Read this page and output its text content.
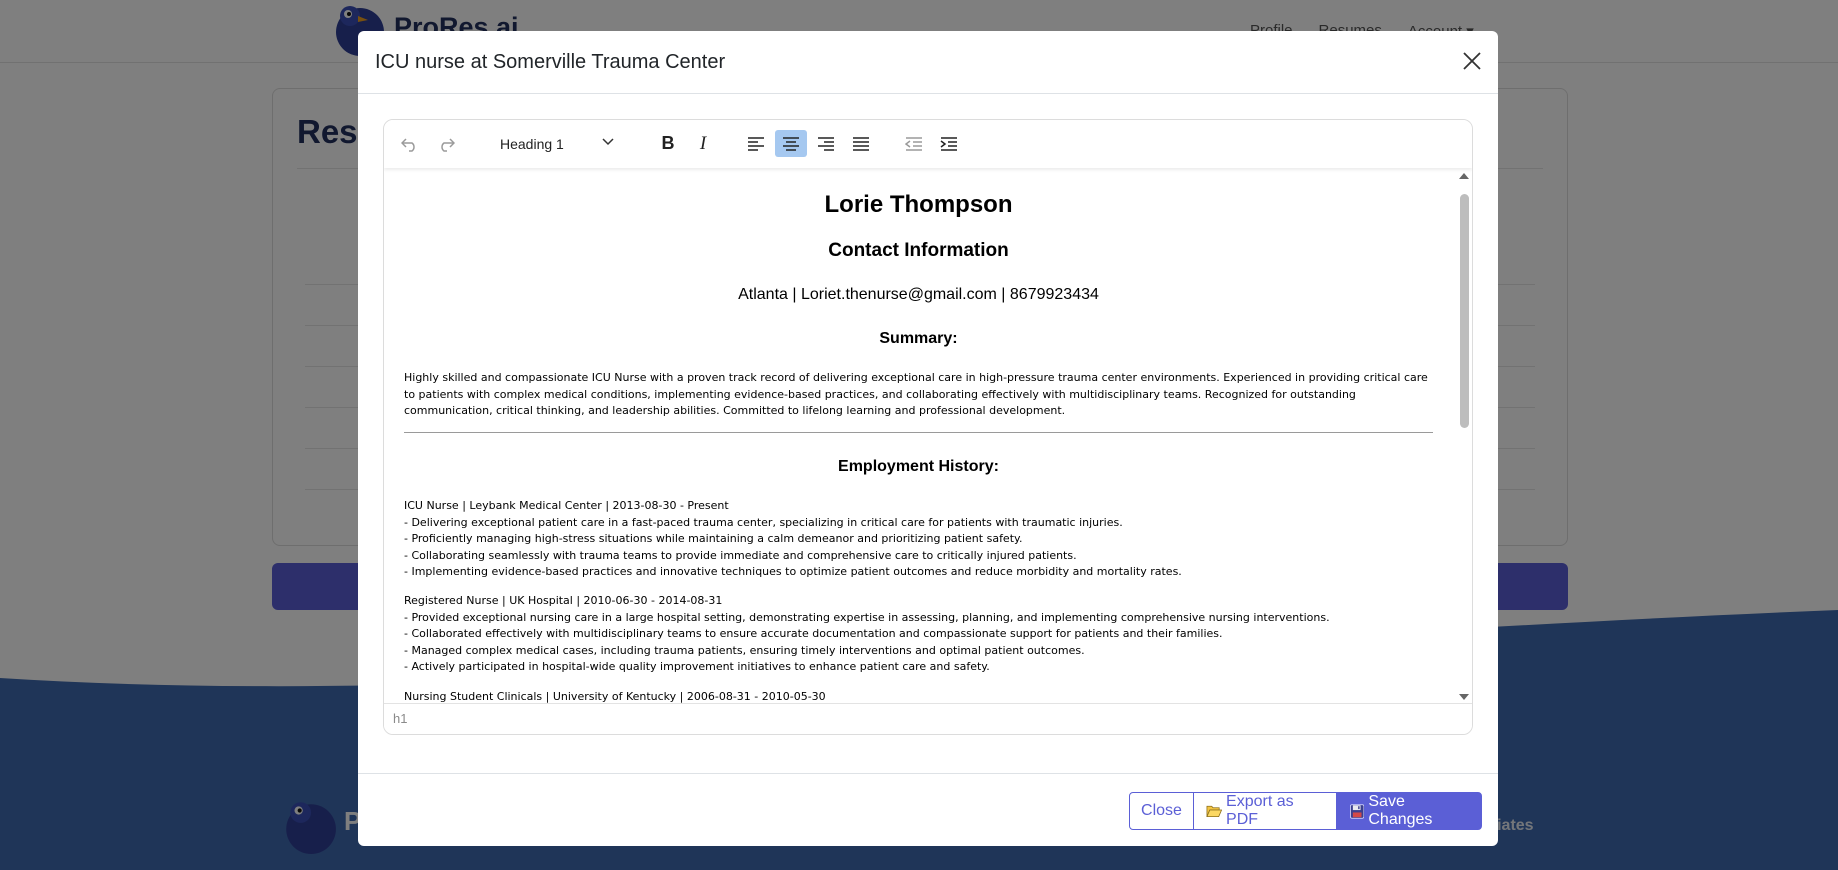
ICU nurse at Somerville Trauma Center
Heading 1	B I
Lorie Thompson
Contact Information
Atlanta | Loriet.thenurse@gmail.com | 8679923434
Summary:
Highly skilled and compassionate ICU Nurse with a proven track record of delivering exceptional care in high-pressure trauma center environments. Experienced in providing critical care to patients with complex medical conditions, implementing evidence-based practices, and collaborating effectively with multidisciplinary teams. Recognized for outstanding communication, critical thinking, and leadership abilities. Committed to lifelong learning and professional development.
Employment History:
ICU Nurse | Leybank Medical Center | 2013-08-30 - Present
- Delivering exceptional patient care in a fast-paced trauma center, specializing in critical care for patients with traumatic injuries.
- Proficiently managing high-stress situations while maintaining a calm demeanor and prioritizing patient safety.
- Collaborating seamlessly with trauma teams to provide immediate and comprehensive care to critically injured patients.
- Implementing evidence-based practices and innovative techniques to optimize patient outcomes and reduce morbidity and mortality rates.
Registered Nurse | UK Hospital | 2010-06-30 - 2014-08-31
- Provided exceptional nursing care in a large hospital setting, demonstrating expertise in assessing, planning, and implementing comprehensive nursing interventions.
- Collaborated effectively with multidisciplinary teams to ensure accurate documentation and compassionate support for patients and their families.
- Managed complex medical cases, including trauma patients, ensuring timely interventions and optimal patient outcomes.
- Actively participated in hospital-wide quality improvement initiatives to enhance patient care and safety.
Nursing Student Clinicals | University of Kentucky | 2006-08-31 - 2010-05-30
h1
Close
Export as PDF
Save Changes
